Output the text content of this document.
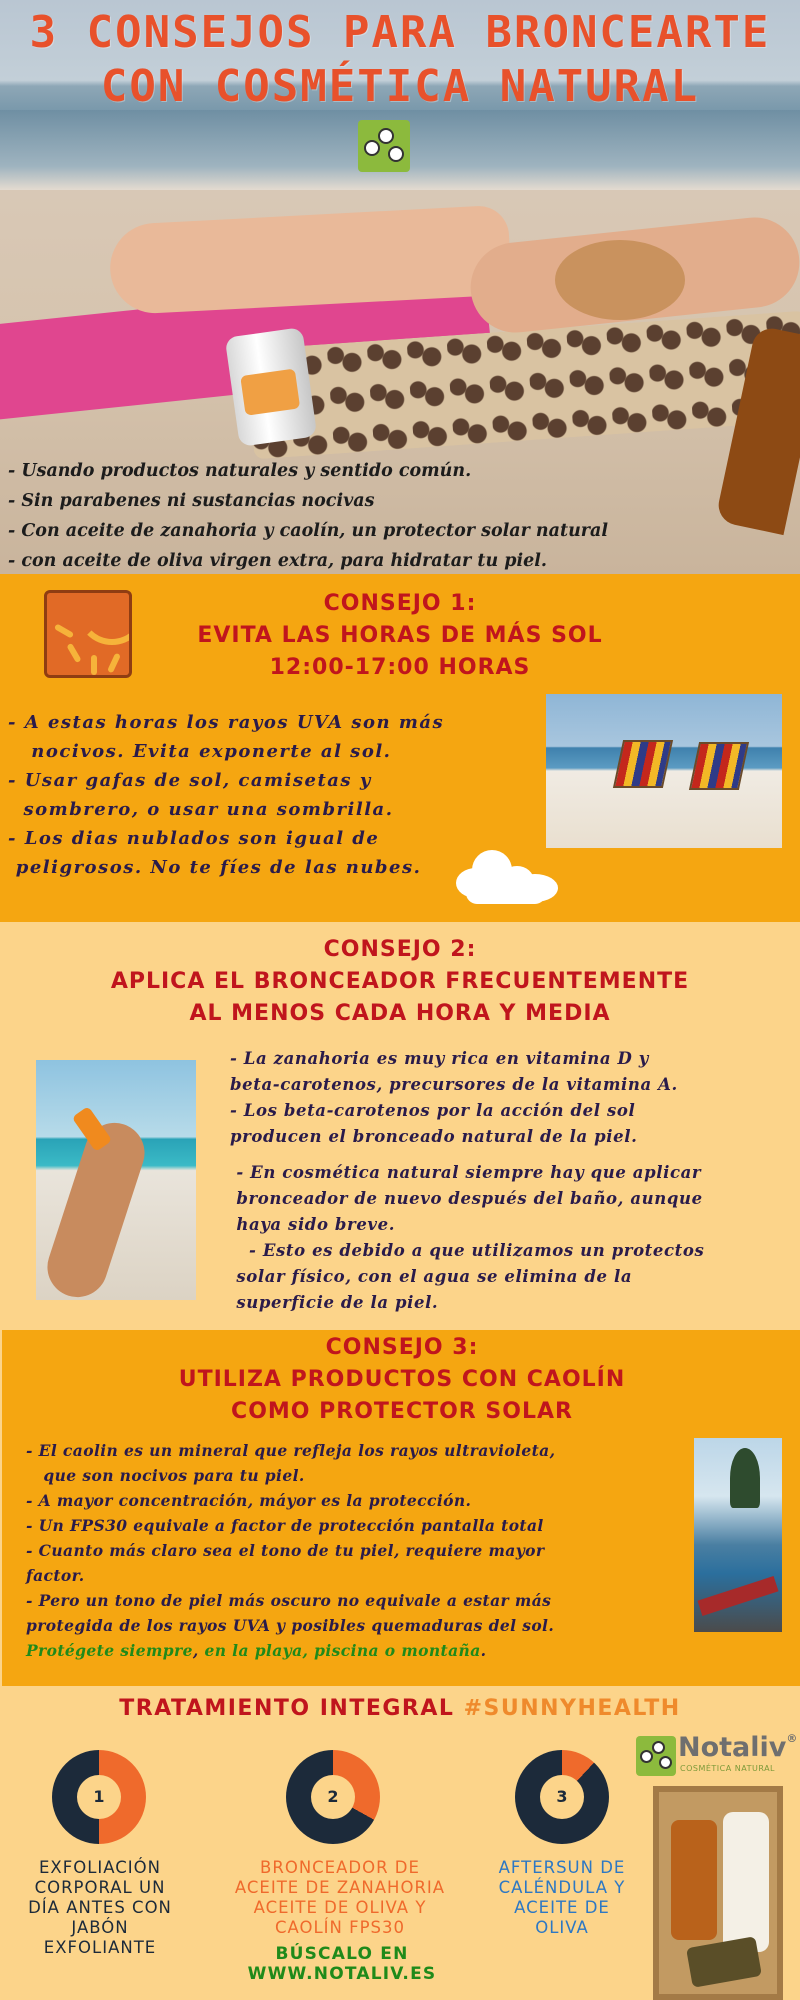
3 CONSEJOS PARA BRONCEARTE
CON COSMÉTICA NATURAL
- Usando productos naturales y sentido común.
- Sin parabenes ni sustancias nocivas
- Con aceite de zanahoria y caolín, un protector solar natural
- con aceite de oliva virgen extra, para hidratar tu piel.
CONSEJO 1:
EVITA LAS HORAS DE MÁS SOL
12:00-17:00 HORAS
- A estas horas los rayos UVA son más
nocivos. Evita exponerte al sol.
- Usar gafas de sol, camisetas y
sombrero, o usar una sombrilla.
- Los dias nublados son igual de
peligrosos. No te fíes de las nubes.
CONSEJO 2:
APLICA EL BRONCEADOR FRECUENTEMENTE
AL MENOS CADA HORA Y MEDIA
- La zanahoria es muy rica en vitamina D y
beta-carotenos, precursores de la vitamina A.
- Los beta-carotenos por la acción del sol
producen el bronceado natural de la piel.
- En cosmética natural siempre hay que aplicar
bronceador de nuevo después del baño, aunque
haya sido breve.
- Esto es debido a que utilizamos un protectos
solar físico, con el agua se elimina de la
superficie de la piel.
CONSEJO 3:
UTILIZA PRODUCTOS CON CAOLÍN
COMO PROTECTOR SOLAR
- El caolin es un mineral que refleja los rayos ultravioleta,
que son nocivos para tu piel.
- A mayor concentración, máyor es la protección.
- Un FPS30 equivale a factor de protección pantalla total
- Cuanto más claro sea el tono de tu piel, requiere mayor
factor.
- Pero un tono de piel más oscuro no equivale a estar más
protegida de los rayos UVA y posibles quemaduras del sol.
Protégete siempre, en la playa, piscina o montaña.
TRATAMIENTO INTEGRAL #SUNNYHEALTH
1	2	3
EXFOLIACIÓN
CORPORAL UN
DÍA ANTES CON
JABÓN
EXFOLIANTE
BRONCEADOR DE
ACEITE DE ZANAHORIA
ACEITE DE OLIVA Y
CAOLÍN FPS30
AFTERSUN DE
CALÉNDULA Y
ACEITE DE
OLIVA
BÚSCALO EN
WWW.NOTALIV.ES
Notaliv®
COSMÉTICA NATURAL
